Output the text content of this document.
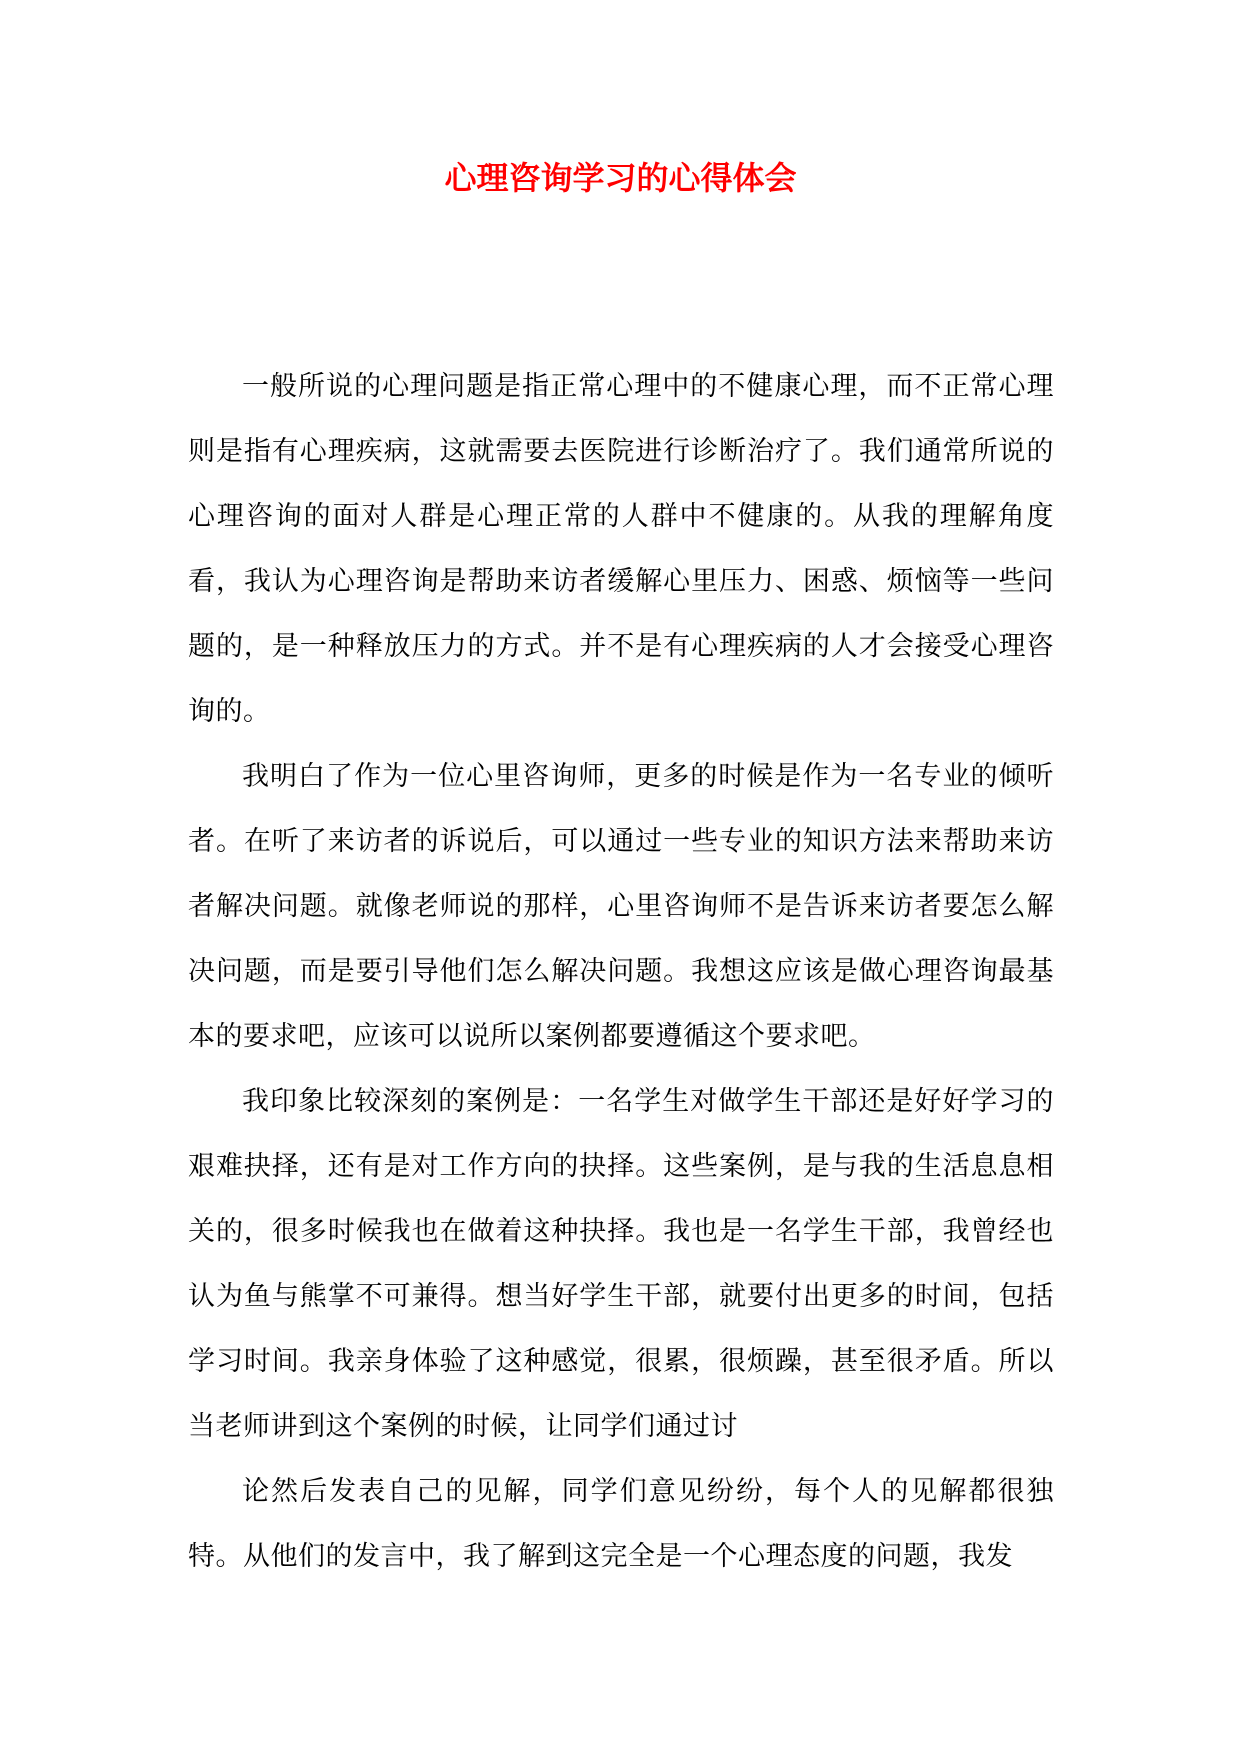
心理咨询学习的心得体会

一般所说的心理问题是指正常心理中的不健康心理，而不正常心理则是指有心理疾病，这就需要去医院进行诊断治疗了。我们通常所说的心理咨询的面对人群是心理正常的人群中不健康的。从我的理解角度看，我认为心理咨询是帮助来访者缓解心里压力、困惑、烦恼等一些问题的，是一种释放压力的方式。并不是有心理疾病的人才会接受心理咨询的。

我明白了作为一位心里咨询师，更多的时候是作为一名专业的倾听者。在听了来访者的诉说后，可以通过一些专业的知识方法来帮助来访者解决问题。就像老师说的那样，心里咨询师不是告诉来访者要怎么解决问题，而是要引导他们怎么解决问题。我想这应该是做心理咨询最基本的要求吧，应该可以说所以案例都要遵循这个要求吧。

我印象比较深刻的案例是：一名学生对做学生干部还是好好学习的艰难抉择，还有是对工作方向的抉择。这些案例，是与我的生活息息相关的，很多时候我也在做着这种抉择。我也是一名学生干部，我曾经也认为鱼与熊掌不可兼得。想当好学生干部，就要付出更多的时间，包括学习时间。我亲身体验了这种感觉，很累，很烦躁，甚至很矛盾。所以当老师讲到这个案例的时候，让同学们通过讨

论然后发表自己的见解，同学们意见纷纷，每个人的见解都很独特。从他们的发言中，我了解到这完全是一个心理态度的问题，我发
